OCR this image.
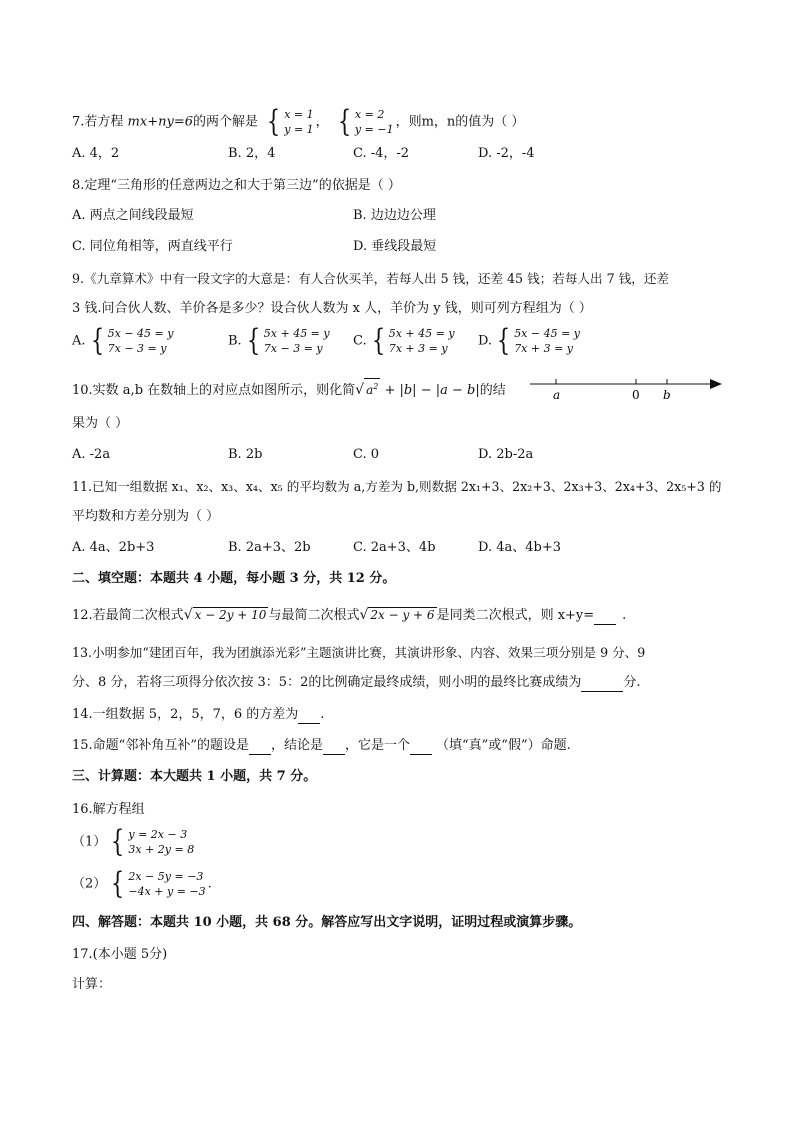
7.若方程 mx+ny=6的两个解是 { x = 1
y = 1 ， { x = 2
y = −1 ，则m，n的值为（ ）
A. 4，2	B. 2，4	C. -4，-2	D. -2，-4
8.定理“三角形的任意两边之和大于第三边”的依据是（ ）
A. 两点之间线段最短	B. 边边边公理
C. 同位角相等，两直线平行	D. 垂线段最短
9.《九章算术》中有一段文字的大意是：有人合伙买羊，若每人出 5 钱，还差 45 钱；若每人出 7 钱，还差
3 钱.问合伙人数、羊价各是多少？设合伙人数为 x 人，羊价为 y 钱，则可列方程组为（ ）
A. { 5x − 45 = y
7x − 3 = y	B. { 5x + 45 = y
7x − 3 = y	C. { 5x + 45 = y
7x + 3 = y	D. { 5x − 45 = y
7x + 3 = y
10.实数 a,b 在数轴上的对应点如图所示，则化简√ $a^2 + |b| - |a - b|$的结	a	0 b
果为（ ）
A. -2a	B. 2b	C. 0	D. 2b-2a
11.已知一组数据 x₁、x₂、x₃、x₄、x₅ 的平均数为 a,方差为 b,则数据 2x₁+3、2x₂+3、2x₃+3、2x₄+3、2x₅+3 的
平均数和方差分别为（ ）
A. 4a、2b+3	B. 2a+3、2b	C. 2a+3、4b	D. 4a、4b+3
二、填空题：本题共 4 小题，每小题 3 分，共 12 分。
12.若最简二次根式√ x − 2y + 10 与最简二次根式√ 2x − y + 6 是同类二次根式，则 x+y= .
13.小明参加“建团百年，我为团旗添光彩”主题演讲比赛，其演讲形象、内容、效果三项分别是 9 分、9
分、8 分，若将三项得分依次按 3：5：2的比例确定最终成绩，则小明的最终比赛成绩为	分.
14.一组数据 5，2，5，7，6 的方差为 .
15.命题“邻补角互补”的题设是 ，结论是 ，它是一个 （填“真”或“假”）命题.
三、计算题：本大题共 1 小题，共 7 分。
16.解方程组
（1） { y = 2x − 3
3x + 2y = 8
（2） { 2x − 5y = −3
−4x + y = −3 .
四、解答题：本题共 10 小题，共 68 分。解答应写出文字说明，证明过程或演算步骤。
17.(本小题 5分)
计算：
